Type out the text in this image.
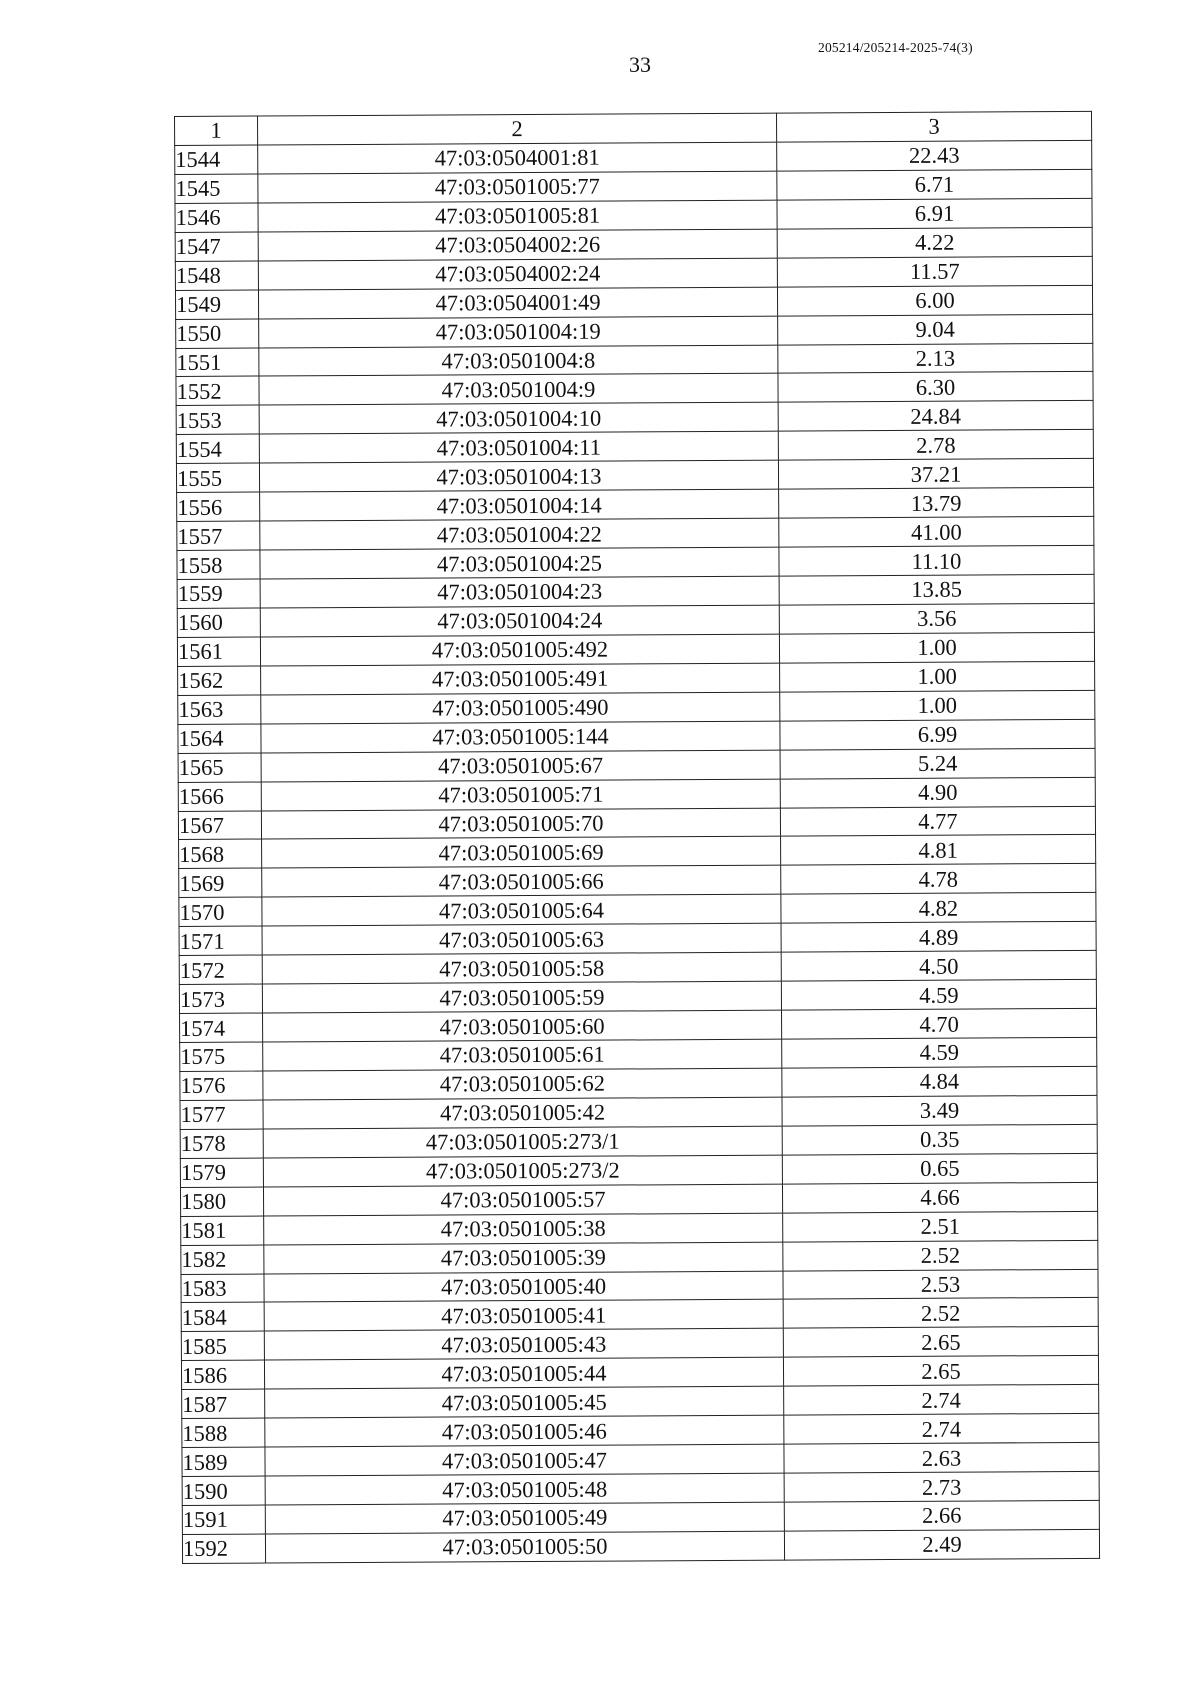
33
205214/205214-2025-74(3)
1	2	3
1544	47:03:0504001:81	22.43
1545	47:03:0501005:77	6.71
1546	47:03:0501005:81	6.91
1547	47:03:0504002:26	4.22
1548	47:03:0504002:24	11.57
1549	47:03:0504001:49	6.00
1550	47:03:0501004:19	9.04
1551	47:03:0501004:8	2.13
1552	47:03:0501004:9	6.30
1553	47:03:0501004:10	24.84
1554	47:03:0501004:11	2.78
1555	47:03:0501004:13	37.21
1556	47:03:0501004:14	13.79
1557	47:03:0501004:22	41.00
1558	47:03:0501004:25	11.10
1559	47:03:0501004:23	13.85
1560	47:03:0501004:24	3.56
1561	47:03:0501005:492	1.00
1562	47:03:0501005:491	1.00
1563	47:03:0501005:490	1.00
1564	47:03:0501005:144	6.99
1565	47:03:0501005:67	5.24
1566	47:03:0501005:71	4.90
1567	47:03:0501005:70	4.77
1568	47:03:0501005:69	4.81
1569	47:03:0501005:66	4.78
1570	47:03:0501005:64	4.82
1571	47:03:0501005:63	4.89
1572	47:03:0501005:58	4.50
1573	47:03:0501005:59	4.59
1574	47:03:0501005:60	4.70
1575	47:03:0501005:61	4.59
1576	47:03:0501005:62	4.84
1577	47:03:0501005:42	3.49
1578	47:03:0501005:273/1	0.35
1579	47:03:0501005:273/2	0.65
1580	47:03:0501005:57	4.66
1581	47:03:0501005:38	2.51
1582	47:03:0501005:39	2.52
1583	47:03:0501005:40	2.53
1584	47:03:0501005:41	2.52
1585	47:03:0501005:43	2.65
1586	47:03:0501005:44	2.65
1587	47:03:0501005:45	2.74
1588	47:03:0501005:46	2.74
1589	47:03:0501005:47	2.63
1590	47:03:0501005:48	2.73
1591	47:03:0501005:49	2.66
1592	47:03:0501005:50	2.49
